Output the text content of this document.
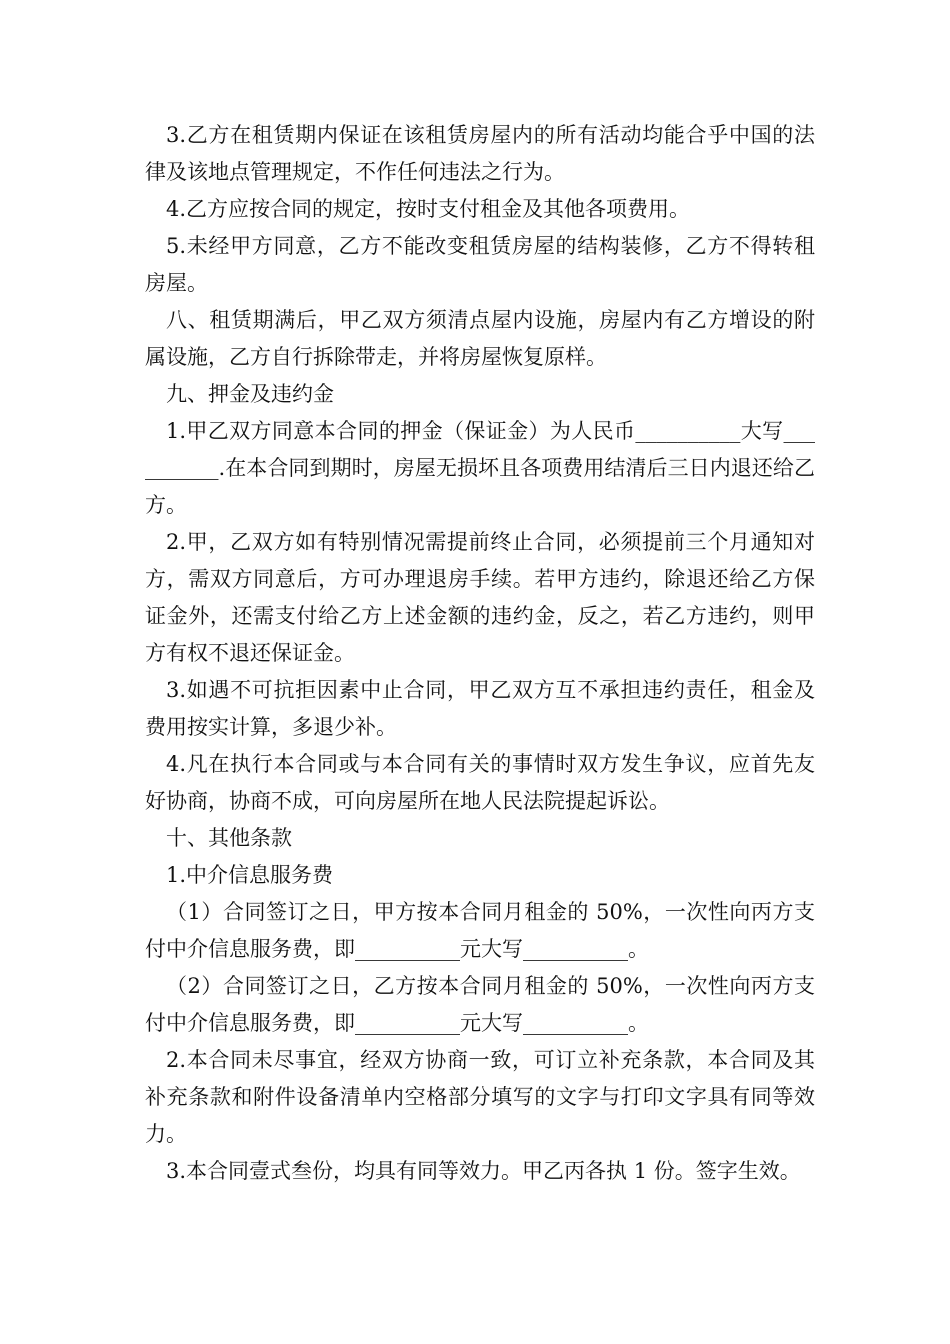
3.乙方在租赁期内保证在该租赁房屋内的所有活动均能合乎中国的法律及该地点管理规定，不作任何违法之行为。

4.乙方应按合同的规定，按时支付租金及其他各项费用。

5.未经甲方同意，乙方不能改变租赁房屋的结构装修，乙方不得转租房屋。

八、租赁期满后，甲乙双方须清点屋内设施，房屋内有乙方增设的附属设施，乙方自行拆除带走，并将房屋恢复原样。

九、押金及违约金

1.甲乙双方同意本合同的押金（保证金）为人民币__________大写__________.在本合同到期时，房屋无损坏且各项费用结清后三日内退还给乙方。

2.甲，乙双方如有特别情况需提前终止合同，必须提前三个月通知对方，需双方同意后，方可办理退房手续。若甲方违约，除退还给乙方保证金外，还需支付给乙方上述金额的违约金，反之，若乙方违约，则甲方有权不退还保证金。

3.如遇不可抗拒因素中止合同，甲乙双方互不承担违约责任，租金及费用按实计算，多退少补。

4.凡在执行本合同或与本合同有关的事情时双方发生争议，应首先友好协商，协商不成，可向房屋所在地人民法院提起诉讼。

十、其他条款

1.中介信息服务费

（1）合同签订之日，甲方按本合同月租金的 50%，一次性向丙方支付中介信息服务费，即__________元大写__________。

（2）合同签订之日，乙方按本合同月租金的 50%，一次性向丙方支付中介信息服务费，即__________元大写__________。

2.本合同未尽事宜，经双方协商一致，可订立补充条款，本合同及其补充条款和附件设备清单内空格部分填写的文字与打印文字具有同等效力。

3.本合同壹式叁份，均具有同等效力。甲乙丙各执 1 份。签字生效。
